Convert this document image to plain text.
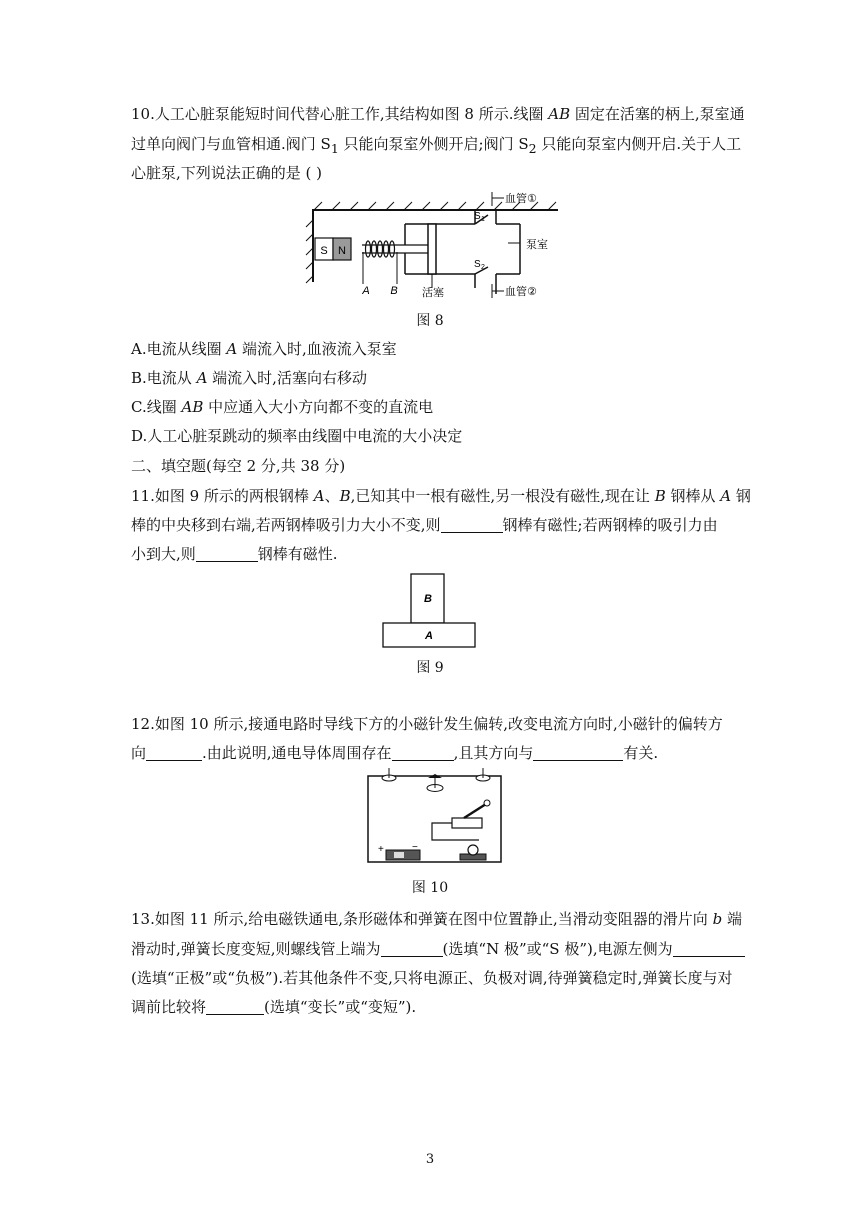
10.人工心脏泵能短时间代替心脏工作,其结构如图 8 所示.线圈 AB 固定在活塞的柄上,泵室通
过单向阀门与血管相通.阀门 $S_1$ 只能向泵室外侧开启;阀门 $S_2$ 只能向泵室内侧开启.关于人工
心脏泵,下列说法正确的是 ( )
S N
S 1
S 2
血管①
泵室
血管②
A B 活塞
图 8
A.电流从线圈 A 端流入时,血液流入泵室
B.电流从 A 端流入时,活塞向右移动
C.线圈 AB 中应通入大小方向都不变的直流电
D.人工心脏泵跳动的频率由线圈中电流的大小决定
二、填空题(每空 2 分,共 38 分)
11.如图 9 所示的两根钢棒 A、B,已知其中一根有磁性,另一根没有磁性,现在让 B 钢棒从 A 钢
棒的中央移到右端,若两钢棒吸引力大小不变,则	钢棒有磁性;若两钢棒的吸引力由
小到大,则	钢棒有磁性.
B
A
图 9
12.如图 10 所示,接通电路时导线下方的小磁针发生偏转,改变电流方向时,小磁针的偏转方
向	.由此说明,通电导体周围存在	,且其方向与	有关.
+	−
图 10
13.如图 11 所示,给电磁铁通电,条形磁体和弹簧在图中位置静止,当滑动变阻器的滑片向 b 端
滑动时,弹簧长度变短,则螺线管上端为	(选填“N 极”或“S 极”),电源左侧为
(选填“正极”或“负极”).若其他条件不变,只将电源正、负极对调,待弹簧稳定时,弹簧长度与对
调前比较将	(选填“变长”或“变短”).
3
